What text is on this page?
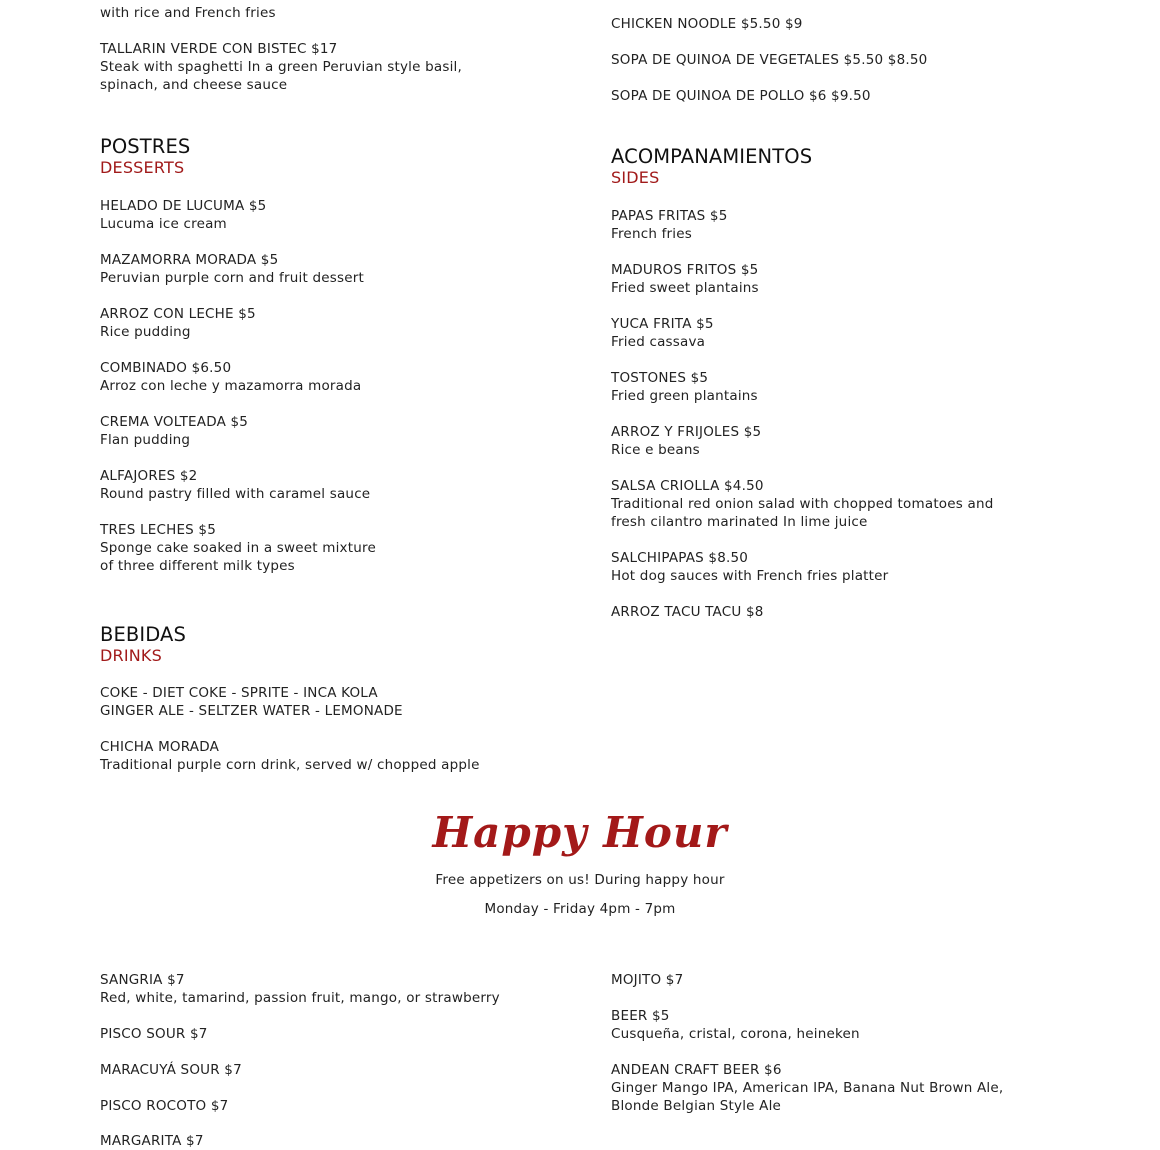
with rice and French fries
TALLARIN VERDE CON BISTEC $17
Steak with spaghetti In a green Peruvian style basil,
spinach, and cheese sauce
CHICKEN NOODLE $5.50 $9
SOPA DE QUINOA DE VEGETALES $5.50 $8.50
SOPA DE QUINOA DE POLLO $6 $9.50
POSTRES
DESSERTS
HELADO DE LUCUMA $5
Lucuma ice cream
MAZAMORRA MORADA $5
Peruvian purple corn and fruit dessert
ARROZ CON LECHE $5
Rice pudding
COMBINADO $6.50
Arroz con leche y mazamorra morada
CREMA VOLTEADA $5
Flan pudding
ALFAJORES $2
Round pastry filled with caramel sauce
TRES LECHES $5
Sponge cake soaked in a sweet mixture
of three different milk types
ACOMPANAMIENTOS
SIDES
PAPAS FRITAS $5
French fries
MADUROS FRITOS $5
Fried sweet plantains
YUCA FRITA $5
Fried cassava
TOSTONES $5
Fried green plantains
ARROZ Y FRIJOLES $5
Rice e beans
SALSA CRIOLLA $4.50
Traditional red onion salad with chopped tomatoes and
fresh cilantro marinated In lime juice
SALCHIPAPAS $8.50
Hot dog sauces with French fries platter
ARROZ TACU TACU $8
BEBIDAS
DRINKS
COKE - DIET COKE - SPRITE - INCA KOLA
GINGER ALE - SELTZER WATER - LEMONADE
CHICHA MORADA
Traditional purple corn drink, served w/ chopped apple
Happy Hour
Free appetizers on us! During happy hour
Monday - Friday 4pm - 7pm
SANGRIA $7
Red, white, tamarind, passion fruit, mango, or strawberry
PISCO SOUR $7
MARACUYÁ SOUR $7
PISCO ROCOTO $7
MARGARITA $7
MOJITO $7
BEER $5
Cusqueña, cristal, corona, heineken
ANDEAN CRAFT BEER $6
Ginger Mango IPA, American IPA, Banana Nut Brown Ale,
Blonde Belgian Style Ale
